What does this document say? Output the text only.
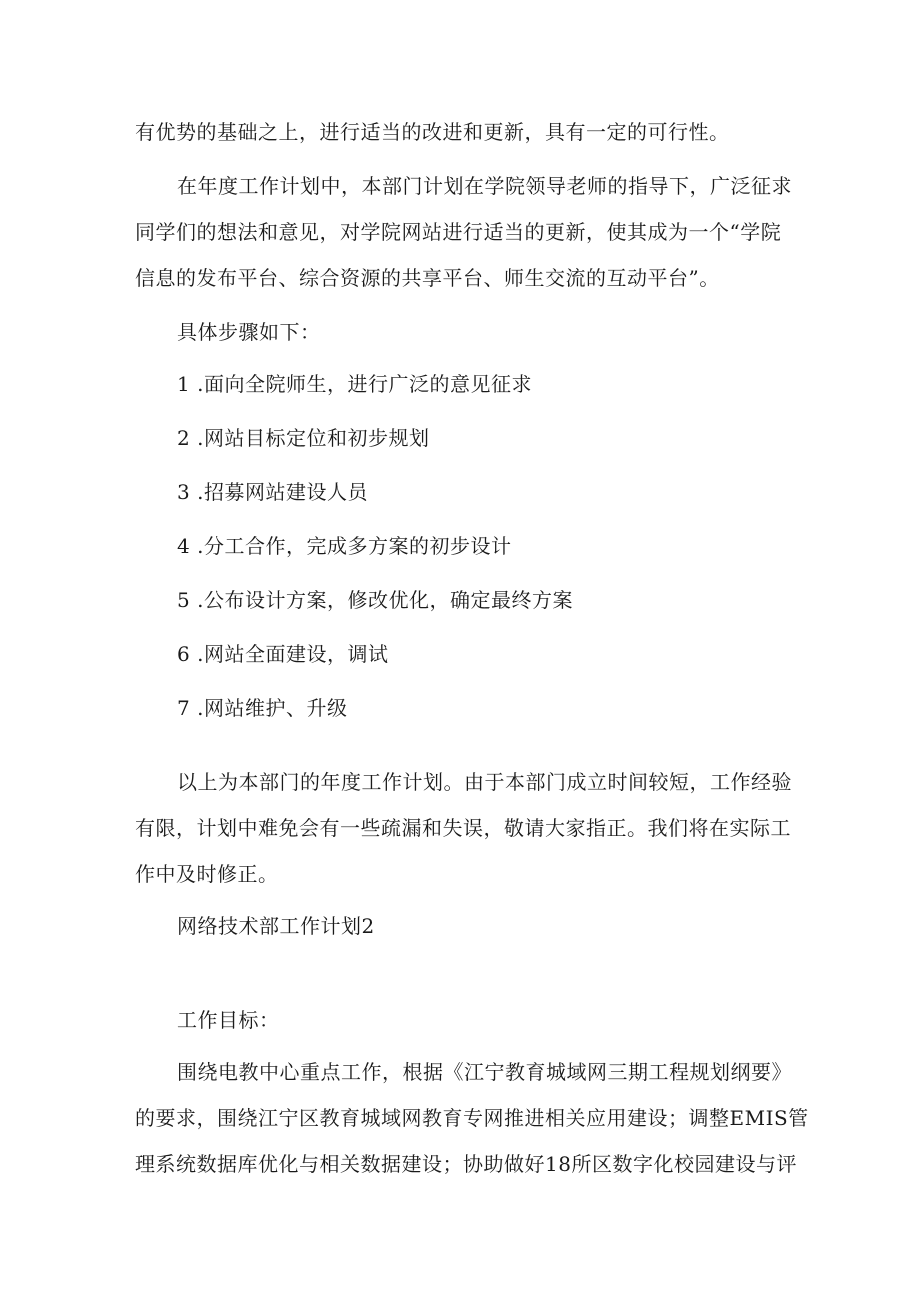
有优势的基础之上，进行适当的改进和更新，具有一定的可行性。
在年度工作计划中，本部门计划在学院领导老师的指导下，广泛征求
同学们的想法和意见，对学院网站进行适当的更新，使其成为一个“学院
信息的发布平台、综合资源的共享平台、师生交流的互动平台”。
具体步骤如下：
1 .面向全院师生，进行广泛的意见征求
2 .网站目标定位和初步规划
3 .招募网站建设人员
4 .分工合作，完成多方案的初步设计
5 .公布设计方案，修改优化，确定最终方案
6 .网站全面建设，调试
7 .网站维护、升级
以上为本部门的年度工作计划。由于本部门成立时间较短，工作经验
有限，计划中难免会有一些疏漏和失误，敬请大家指正。我们将在实际工
作中及时修正。
网络技术部工作计划2
工作目标：
围绕电教中心重点工作，根据《江宁教育城域网三期工程规划纲要》
的要求，围绕江宁区教育城域网教育专网推进相关应用建设；调整EMIS管
理系统数据库优化与相关数据建设；协助做好18所区数字化校园建设与评
